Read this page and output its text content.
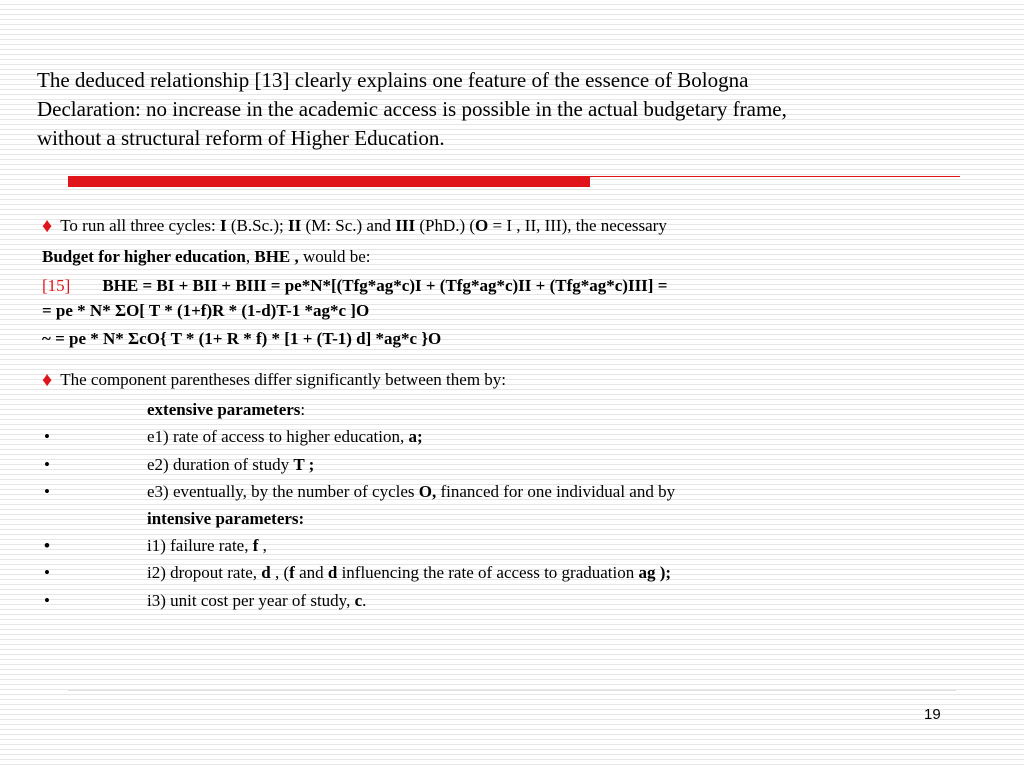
The deduced relationship [13] clearly explains one feature of the essence of Bologna
Declaration: no increase in the academic access is possible in the actual budgetary frame,
without a structural reform of Higher Education.
♦ To run all three cycles: I (B.Sc.); II (M: Sc.) and III (PhD.) (O = I , II, III), the necessary
Budget for higher education, BHE , would be:
[15] BHE = BI + BII + BIII = pe*N*[(Tfg*ag*c)I + (Tfg*ag*c)II + (Tfg*ag*c)III] =
= pe * N* ΣO[ T * (1+f)R * (1-d)T-1 *ag*c ]O
~ = pe * N* ΣcO{ T * (1+ R * f) * [1 + (T-1) d] *ag*c }O
♦ The component parentheses differ significantly between them by:
extensive parameters:
•	e1) rate of access to higher education, a;
•	e2) duration of study T ;
•	e3) eventually, by the number of cycles O, financed for one individual and by
intensive parameters:
•	i1) failure rate, f ,
•	i2) dropout rate, d , (f and d influencing the rate of access to graduation ag );
•	i3) unit cost per year of study, c.
19
